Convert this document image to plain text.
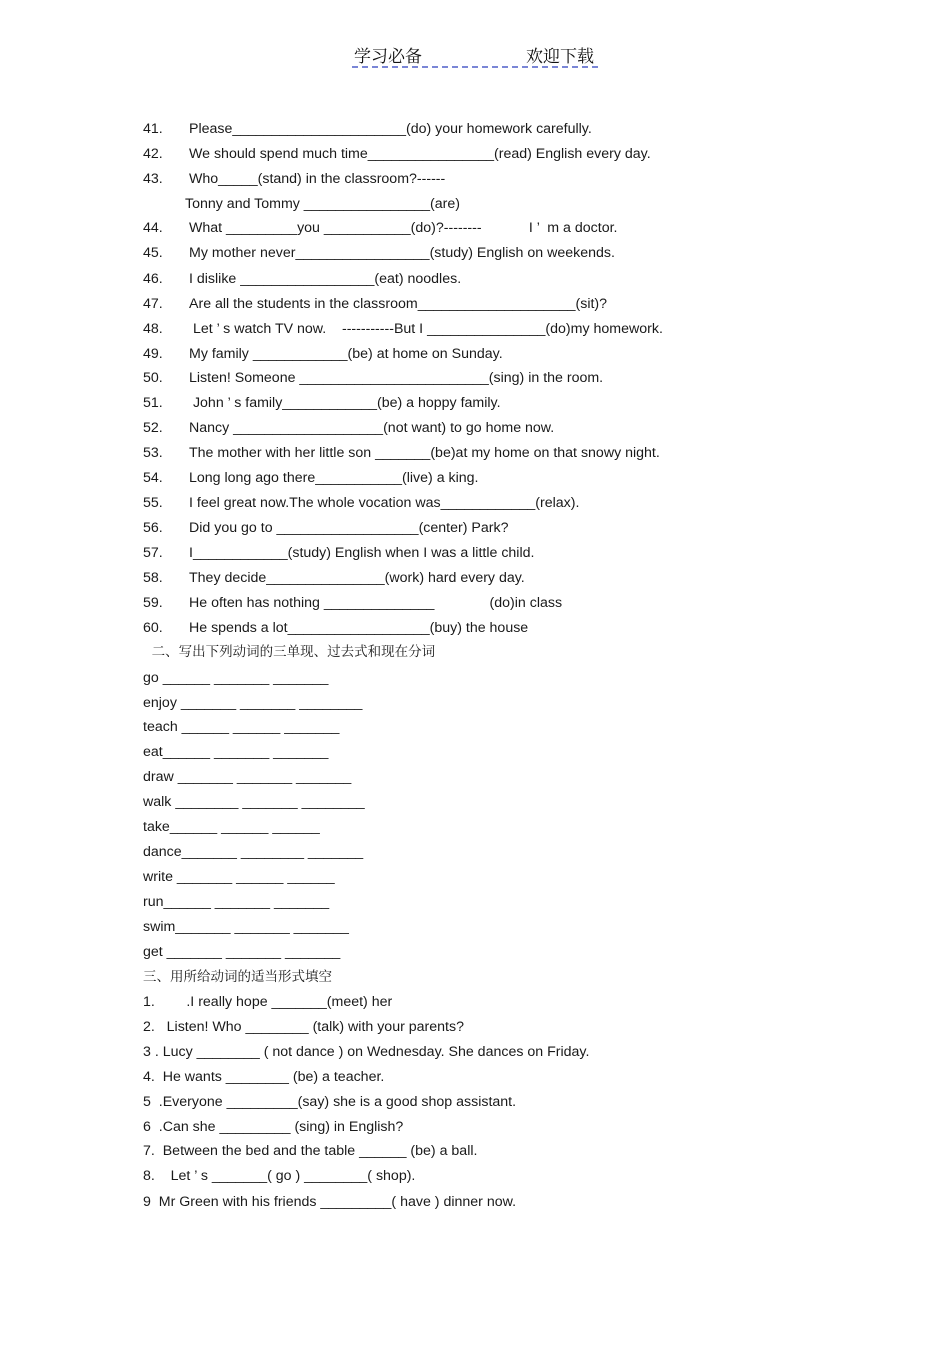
学习必备	欢迎下载
41. Please______________________(do) your homework carefully.
42. We should spend much time________________(read) English every day.
43. Who_____(stand) in the classroom?------
Tonny and Tommy ________________(are)
44. What _________you ___________(do)?--------            I ’  m a doctor.
45. My mother never_________________(study) English on weekends.
46. I dislike _________________(eat) noodles.
47. Are all the students in the classroom____________________(sit)?
48. Let ’ s watch TV now.    -----------But I _______________(do)my homework.
49. My family ____________(be) at home on Sunday.
50. Listen! Someone ________________________(sing) in the room.
51. John ’ s family____________(be) a hoppy family.
52. Nancy ___________________(not want) to go home now.
53. The mother with her little son _______(be)at my home on that snowy night.
54. Long long ago there___________(live) a king.
55. I feel great now.The whole vocation was____________(relax).
56. Did you go to __________________(center) Park?
57. I____________(study) English when I was a little child.
58. They decide_______________(work) hard every day.
59. He often has nothing ______________              (do)in class
60. He spends a lot__________________(buy) the house
二、写出下列动词的三单现、过去式和现在分词
go ______ _______ _______
enjoy _______ _______ ________
teach ______ ______ _______
eat______ _______ _______
draw _______ _______ _______
walk ________ _______ ________
take______ ______ ______
dance_______ ________ _______
write _______ ______ ______
run______ _______ _______
swim_______ _______ _______
get _______ _______ _______
三、用所给动词的适当形式填空
1.        .I really hope _______(meet) her
2.   Listen! Who ________ (talk) with your parents?
3 . Lucy ________ ( not dance ) on Wednesday. She dances on Friday.
4.  He wants ________ (be) a teacher.
5  .Everyone _________(say) she is a good shop assistant.
6  .Can she _________ (sing) in English?
7.  Between the bed and the table ______ (be) a ball.
8.    Let ’ s _______( go ) ________( shop).
9  Mr Green with his friends _________( have ) dinner now.
